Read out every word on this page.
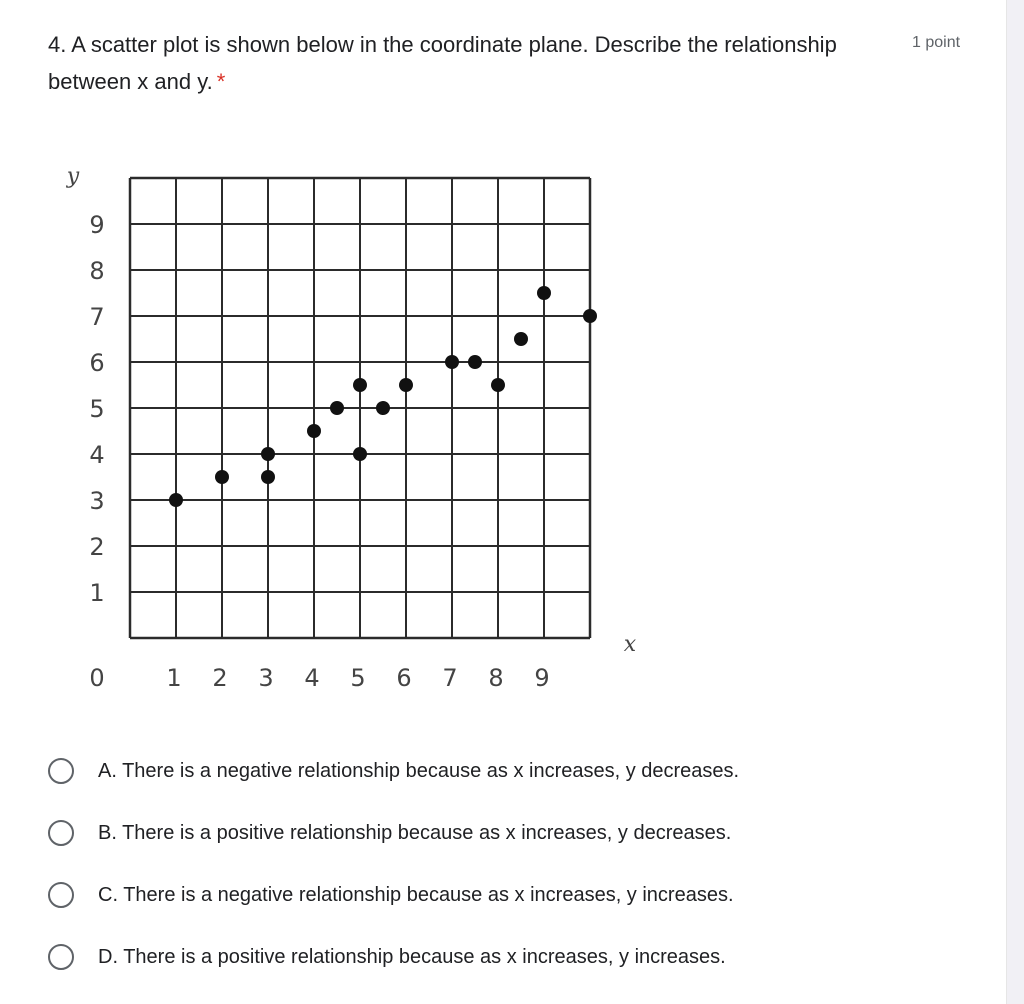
4. A scatter plot is shown below in the coordinate plane. Describe the relationship between x and y. *
1 point
1
2
3
4
5
6
7
8
9
1 2 3 4 5 6 7 8 9
0
y
x
A. There is a negative relationship because as x increases, y decreases.
B. There is a positive relationship because as x increases, y decreases.
C. There is a negative relationship because as x increases, y increases.
D. There is a positive relationship because as x increases, y increases.
